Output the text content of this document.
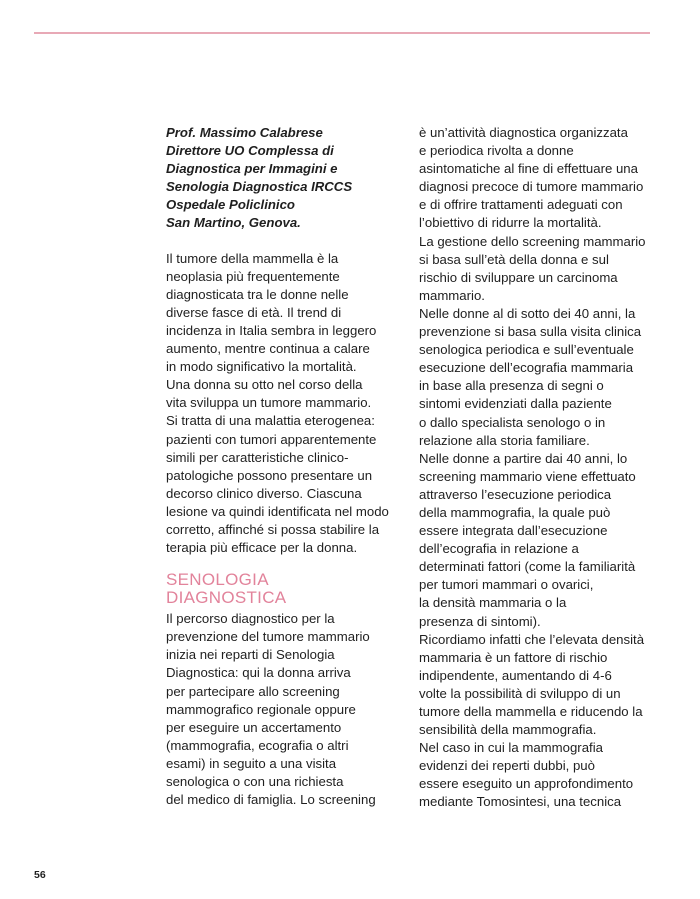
Prof. Massimo Calabrese
Direttore UO Complessa di
Diagnostica per Immagini e
Senologia Diagnostica IRCCS
Ospedale Policlinico
San Martino, Genova.
Il tumore della mammella è la
neoplasia più frequentemente
diagnosticata tra le donne nelle
diverse fasce di età. Il trend di
incidenza in Italia sembra in leggero
aumento, mentre continua a calare
in modo significativo la mortalità.
Una donna su otto nel corso della
vita sviluppa un tumore mammario.
Si tratta di una malattia eterogenea:
pazienti con tumori apparentemente
simili per caratteristiche clinico-
patologiche possono presentare un
decorso clinico diverso. Ciascuna
lesione va quindi identificata nel modo
corretto, affinché si possa stabilire la
terapia più efficace per la donna.
SENOLOGIA
DIAGNOSTICA
Il percorso diagnostico per la
prevenzione del tumore mammario
inizia nei reparti di Senologia
Diagnostica: qui la donna arriva
per partecipare allo screening
mammografico regionale oppure
per eseguire un accertamento
(mammografia, ecografia o altri
esami) in seguito a una visita
senologica o con una richiesta
del medico di famiglia. Lo screening
è un’attività diagnostica organizzata
e periodica rivolta a donne
asintomatiche al fine di effettuare una
diagnosi precoce di tumore mammario
e di offrire trattamenti adeguati con
l’obiettivo di ridurre la mortalità.
La gestione dello screening mammario
si basa sull’età della donna e sul
rischio di sviluppare un carcinoma
mammario.
Nelle donne al di sotto dei 40 anni, la
prevenzione si basa sulla visita clinica
senologica periodica e sull’eventuale
esecuzione dell’ecografia mammaria
in base alla presenza di segni o
sintomi evidenziati dalla paziente
o dallo specialista senologo o in
relazione alla storia familiare.
Nelle donne a partire dai 40 anni, lo
screening mammario viene effettuato
attraverso l’esecuzione periodica
della mammografia, la quale può
essere integrata dall’esecuzione
dell’ecografia in relazione a
determinati fattori (come la familiarità
per tumori mammari o ovarici,
la densità mammaria o la
presenza di sintomi).
Ricordiamo infatti che l’elevata densità
mammaria è un fattore di rischio
indipendente, aumentando di 4-6
volte la possibilità di sviluppo di un
tumore della mammella e riducendo la
sensibilità della mammografia.
Nel caso in cui la mammografia
evidenzi dei reperti dubbi, può
essere eseguito un approfondimento
mediante Tomosintesi, una tecnica
56
